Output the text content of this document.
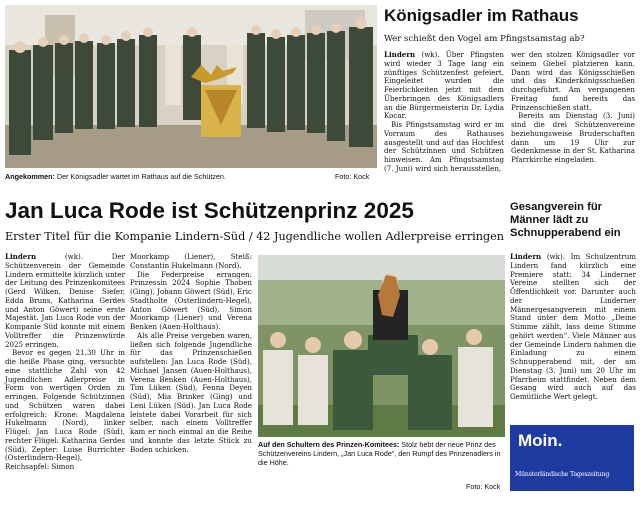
Angekommen: Der Königsadler wartet im Rathaus auf die Schützen.	Foto: Kock
Königsadler im Rathaus
Wer schießt den Vogel am Pfingstsamstag ab?

Lindern (wk). Über Pfingsten wird wieder 3 Tage lang ein zünftiges Schützenfest gefeiert. Eingeleitet wurden die Feierlichkeiten jetzt mit dem Überbringen des Königsadlers an die Bürgermeisterin Dr. Lydia Kocar.

Bis Pfingstsamstag wird er im Vorraum des Rathauses ausgestellt und auf das Hochfest der Schützinnen und Schützen hinweisen. Am Pfingstsamstag (7. Juni) wird sich herausstellen,

wer den stolzen Königsadler vor seinem Giebel platzieren kann. Dann wird das Königsschießen und das Kinderkönigsschießen durchgeführt. Am vergangenen Freitag fand bereits das Prinzenschießen statt.

Bereits am Dienstag (3. Juni) sind die drei Schützenvereine beziehungsweise Bruderschaften dann um 19 Uhr zur Gedenkmesse in der St. Katharina Pfarrkirche eingeladen.

Jan Luca Rode ist Schützenprinz 2025
Erster Titel für die Kompanie Lindern-Süd / 42 Jugendliche wollen Adlerpreise erringen

Lindern	(wk). Der Schützenverein der Gemeinde Lindern ermittelte kürzlich unter der Leitung des Prinzenkomitees (Gerd Wilken, Denise Siefer, Edda Bruns, Katharina Gerdes und Anton Göwert) seine erste Majestät. Jan Luca Rode von der Kompanie Süd konnte mit einem Volltreffer die Prinzenwürde 2025 erringen.

Bevor es gegen 21.30 Uhr in die heiße Phase ging, versuchte eine stattliche Zahl von 42 Jugendlichen Adlerpreise in Form von wertigen Orden zu erringen. Folgende Schützinnen und Schützen waren dabei erfolgreich: Krone: Magdalena Hukelmann (Nord), linker Flügel: Jan Luca Rode (Süd), rechter Flügel: Katharina Gerdes (Süd), Zepter: Luise Burrichter (Osterlindern-Hegel), Reichsapfel: Simon

Moorkamp (Liener), Steiß: Constantin Hukelmann (Nord).

Die Federpreise errangen: Prinzessin 2024 Sophie Thoben (Ging), Johann Göwert (Süd), Eric Stadtholte (Osterlindern-Hegel), Anton Göwert (Süd), Simon Moorkamp (Liener) und Verena Benken (Auen-Holthaus).

Als alle Preise vergeben waren, ließen sich folgende Jugendliche für das Prinzenschießen aufstellen: Jan Luca Rode (Süd), Michael Jansen (Auen-Holthaus), Verena Benken (Auen-Holthaus), Tim Lüken (Süd), Fenna Deyen (Süd), Mia Brinker (Ging) und Leni Lüken (Süd). Jan Luca Rode leistete dabei Vorarbeit für sich selber, nach einem Volltreffer kam er noch einmal an die Reihe und konnte das letzte Stück zu Boden schicken.	Auf den Schultern des Prinzen-Komitees: Stolz hebt der neue Prinz des Schützenvereins Lindern, „Jan Luca Rode“, den Rumpf des Prinzenadlers in die Höhe.
Foto: Kock
Gesangverein für Männer lädt zu Schnupperabend ein

Lindern (wk). Im Schulzentrum Lindern fand kürzlich eine Premiere statt: 34 Linderner Vereine stellten sich der Öffentlichkeit vor. Darunter auch der Linderner Männergesangverein mit einem Stand unter dem Motto „Deine Stimme zählt, lass deine Stimme gehört werden“. Viele Männer aus der Gemeinde Lindern nahmen die Einladung zu einem Schnupperabend mit, der am Dienstag (3. Juni) um 20 Uhr im Pfarrheim stattfindet. Neben dem Gesang wird auch auf das Gemütliche Wert gelegt.

Moin.
Münsterländische Tageszeitung
